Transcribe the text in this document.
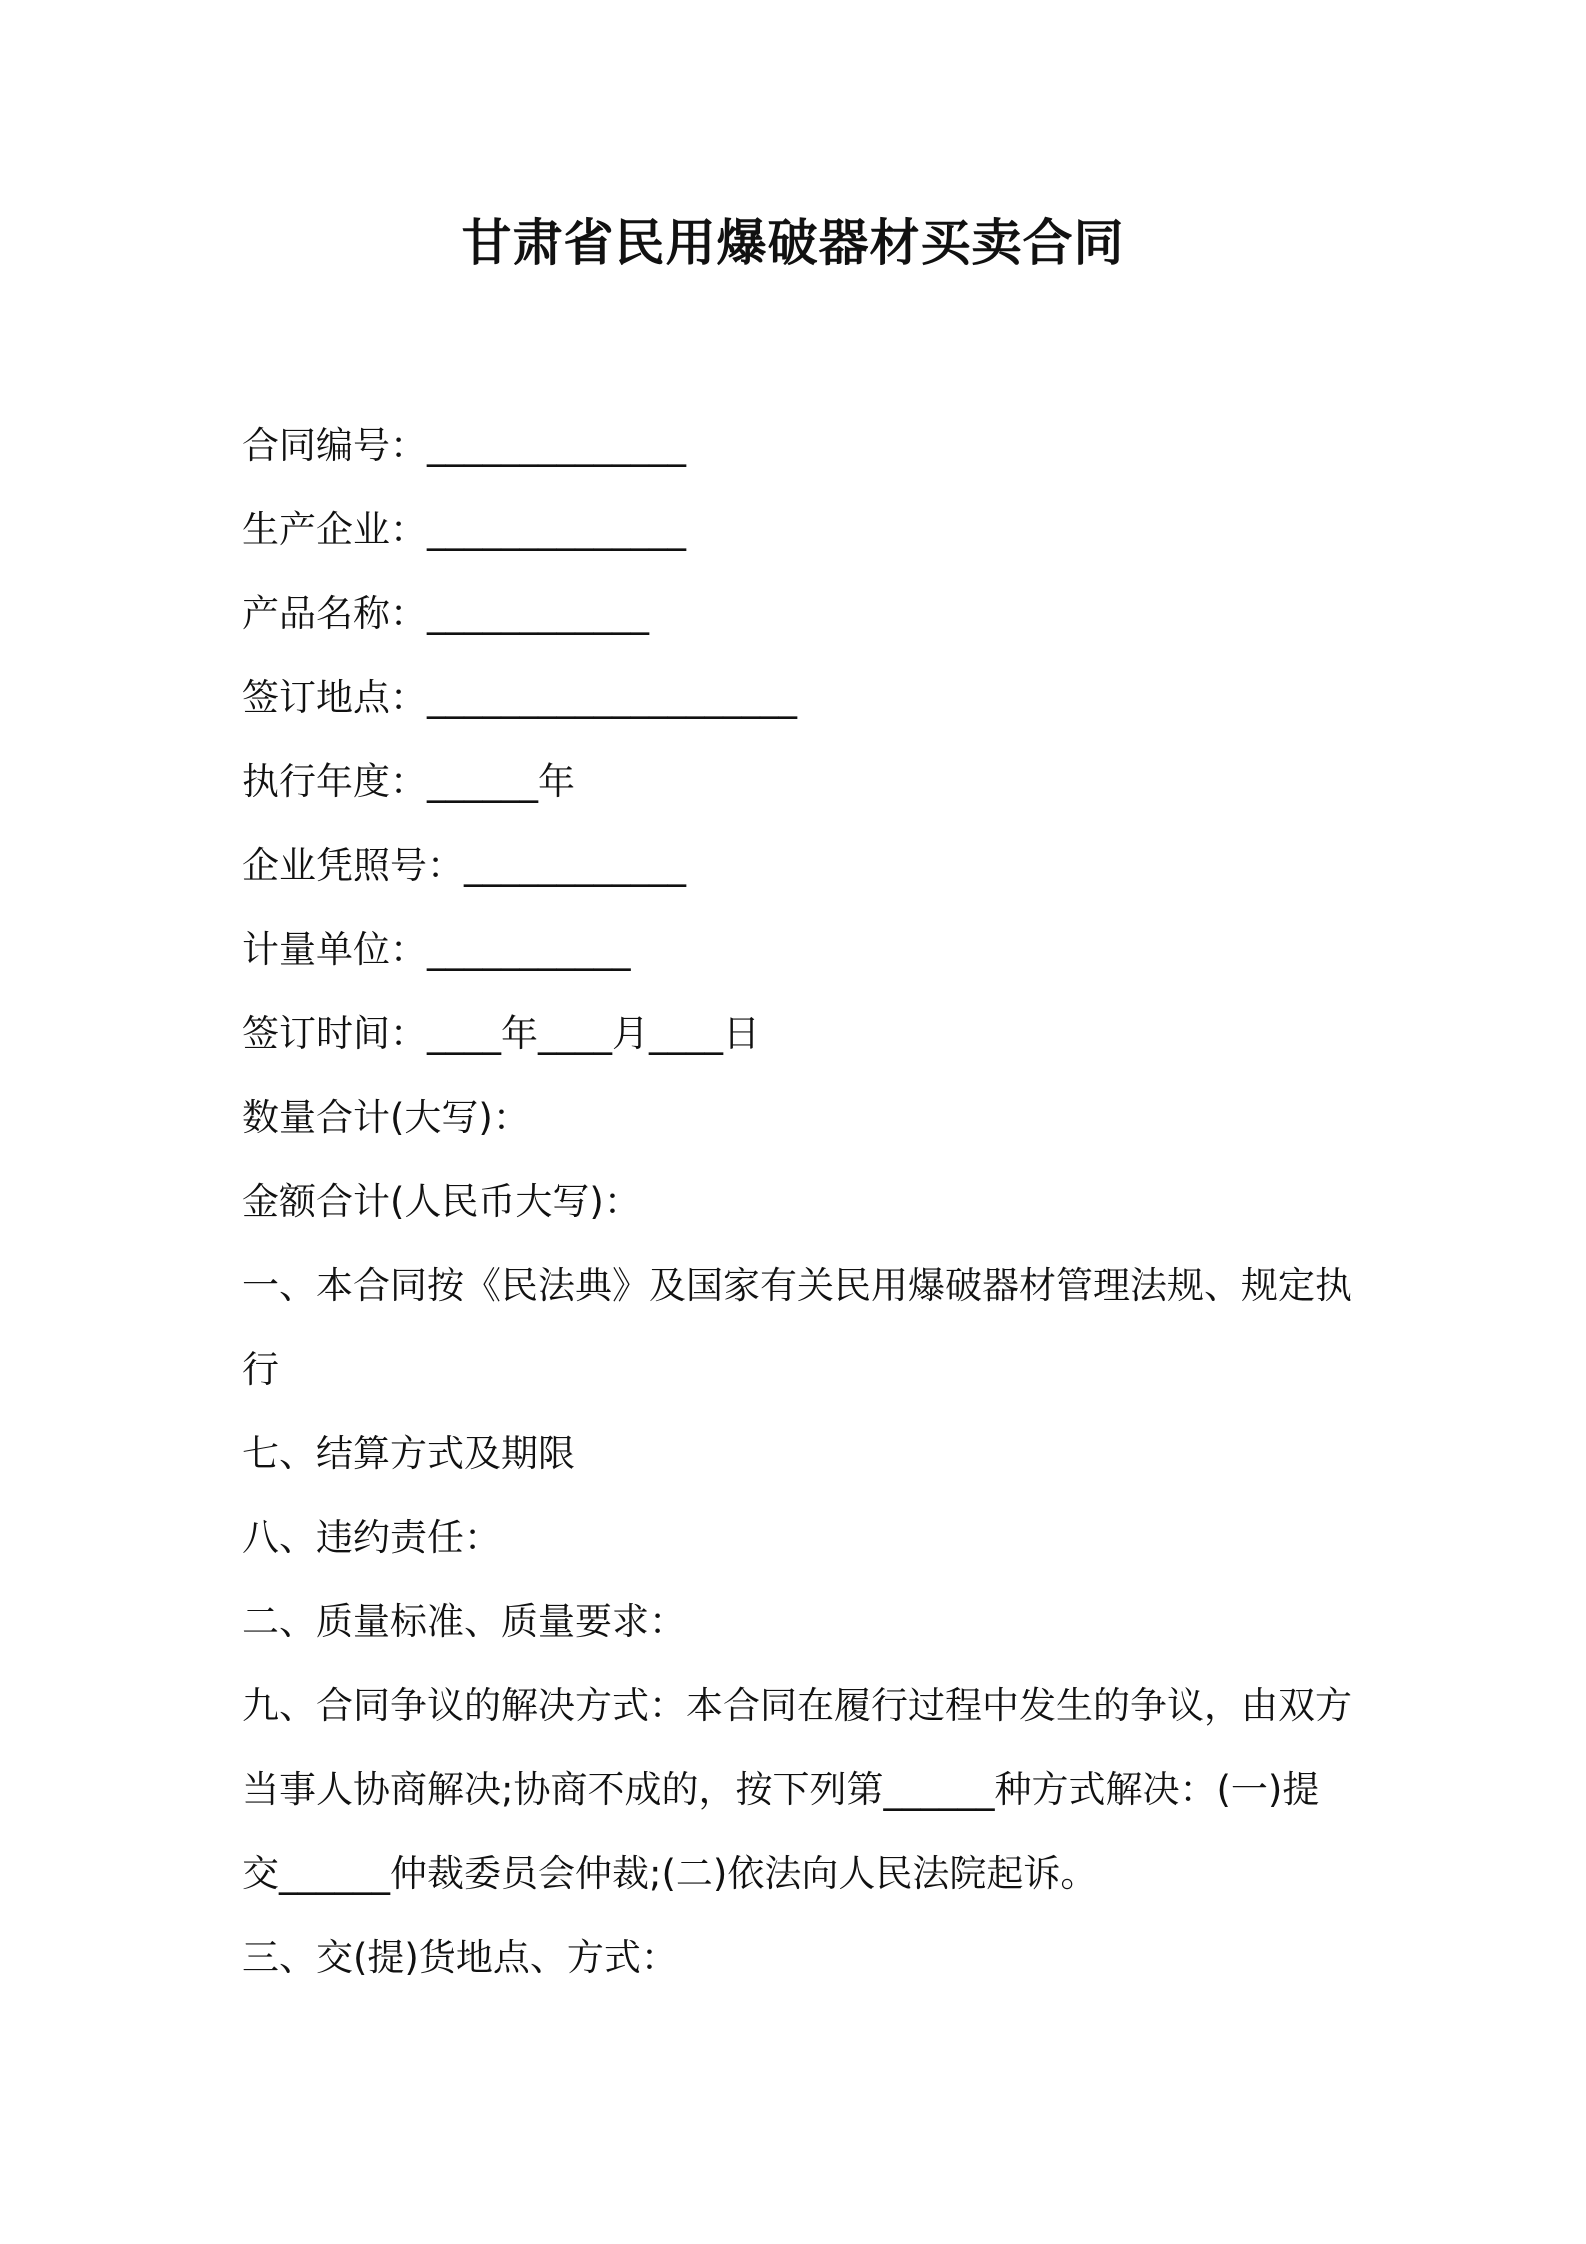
甘肃省民用爆破器材买卖合同
合同编号：______________
生产企业：______________
产品名称：____________
签订地点：____________________
执行年度：______年
企业凭照号：____________
计量单位：___________
签订时间：____年____月____日
数量合计(大写)：
金额合计(人民币大写)：
一、本合同按《民法典》及国家有关民用爆破器材管理法规、规定执
行
七、结算方式及期限
八、违约责任：
二、质量标准、质量要求：
九、合同争议的解决方式：本合同在履行过程中发生的争议，由双方
当事人协商解决;协商不成的，按下列第______种方式解决：(一)提
交______仲裁委员会仲裁;(二)依法向人民法院起诉。
三、交(提)货地点、方式：
